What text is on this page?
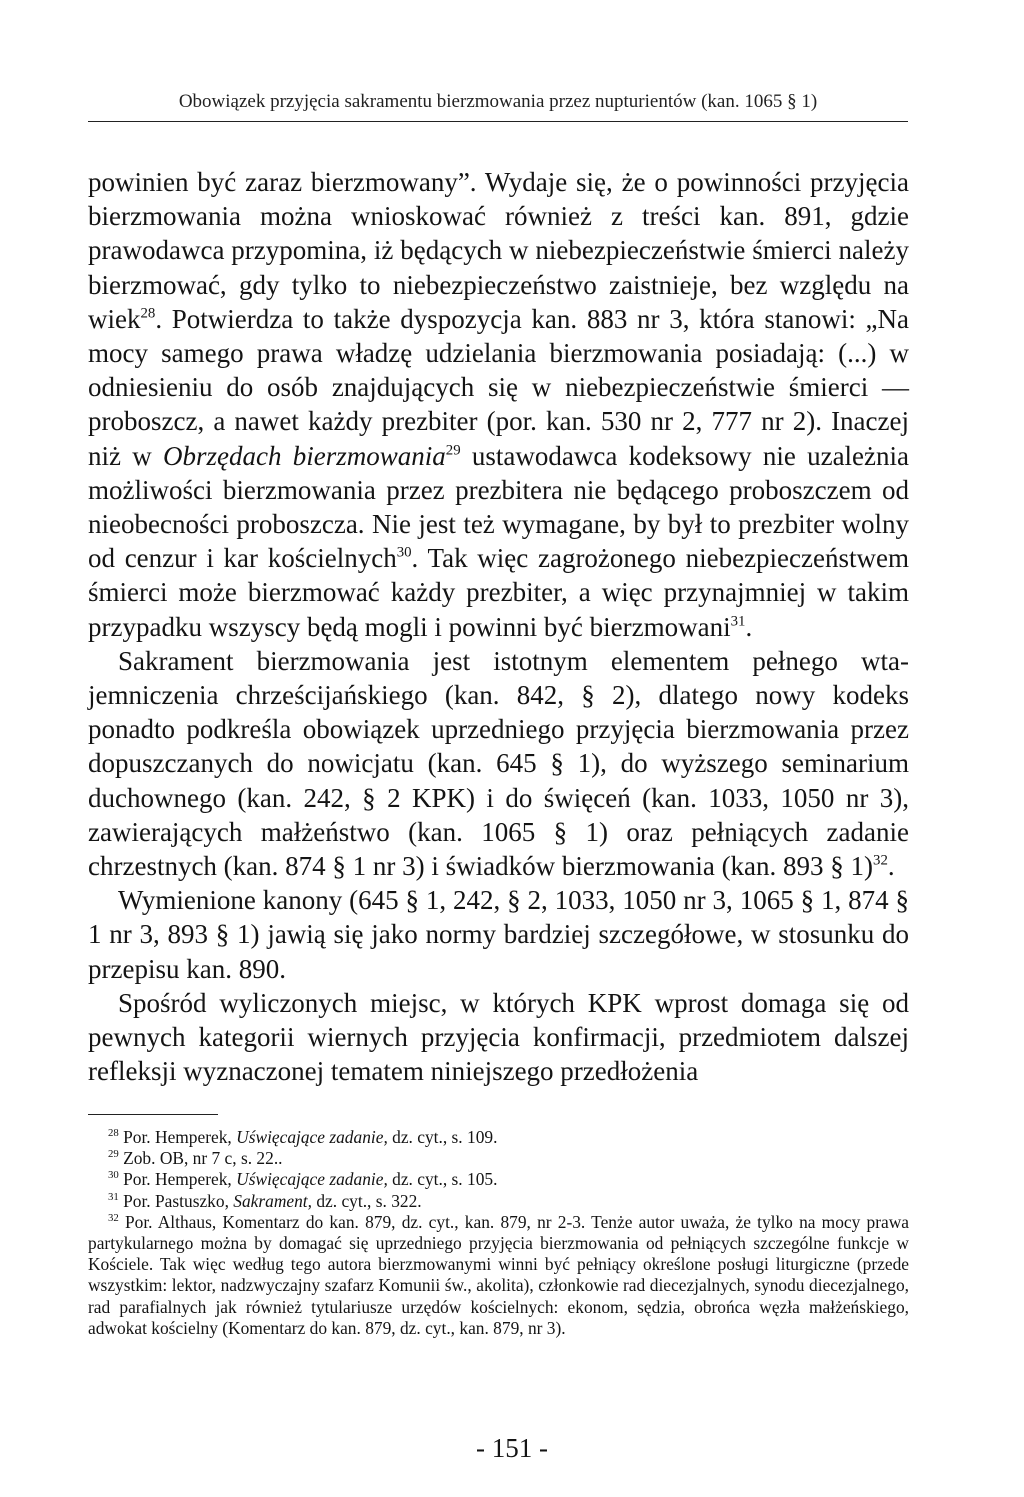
Obowiązek przyjęcia sakramentu bierzmowania przez nupturientów (kan. 1065 § 1)

powinien być zaraz bierzmowany”. Wydaje się, że o powinności przyjęcia bierzmowania można wnioskować również z treści kan. 891, gdzie prawodawca przypomina, iż będących w niebezpieczeństwie śmierci należy bierzmować, gdy tylko to niebezpieczeństwo zaistnieje, bez względu na wiek$^{28}$. Potwierdza to także dyspozycja kan. 883 nr 3, która stanowi: „Na mocy samego prawa władzę udzielania bierzmowania posiadają: (...) w odniesieniu do osób znajdujących się w niebezpieczeństwie śmierci — proboszcz, a nawet każdy prezbiter (por. kan. 530 nr 2, 777 nr 2). Inaczej niż w Obrzędach bierzmowania$^{29}$ ustawodawca kodeksowy nie uzależnia możliwości bierzmowania przez prezbitera nie będącego proboszczem od nieobecności proboszcza. Nie jest też wymagane, by był to prezbiter wolny od cenzur i kar kościelnych$^{30}$. Tak więc zagrożonego niebezpieczeństwem śmierci może bierzmować każdy prezbiter, a więc przynajmniej w takim przypadku wszyscy będą mogli i powinni być bierzmowani$^{31}$.

Sakrament bierzmowania jest istotnym elementem pełnego wtajemniczenia chrześcijańskiego (kan. 842, § 2), dlatego nowy kodeks ponadto podkreśla obowiązek uprzedniego przyjęcia bierzmowania przez dopuszczanych do nowicjatu (kan. 645 § 1), do wyższego seminarium duchownego (kan. 242, § 2 KPK) i do święceń (kan. 1033, 1050 nr 3), zawierających małżeństwo (kan. 1065 § 1) oraz pełniących zadanie chrzestnych (kan. 874 § 1 nr 3) i świadków bierzmowania (kan. 893 § 1)$^{32}$.

Wymienione kanony (645 § 1, 242, § 2, 1033, 1050 nr 3, 1065 § 1, 874 § 1 nr 3, 893 § 1) jawią się jako normy bardziej szczegółowe, w stosunku do przepisu kan. 890.

Spośród wyliczonych miejsc, w których KPK wprost domaga się od pewnych kategorii wiernych przyjęcia konfirmacji, przedmiotem dalszej refleksji wyznaczonej tematem niniejszego przedłożenia

$^{28}$ Por. Hemperek, Uświęcające zadanie, dz. cyt., s. 109.

$^{29}$ Zob. OB, nr 7 c, s. 22..

$^{30}$ Por. Hemperek, Uświęcające zadanie, dz. cyt., s. 105.

$^{31}$ Por. Pastuszko, Sakrament, dz. cyt., s. 322.

$^{32}$ Por. Althaus, Komentarz do kan. 879, dz. cyt., kan. 879, nr 2-3. Tenże autor uważa, że tylko na mocy prawa partykularnego można by domagać się uprzedniego przyjęcia bierzmowania od pełniących szczególne funkcje w Kościele. Tak więc według tego autora bierzmowanymi winni być pełniący określone posługi liturgiczne (przede wszystkim: lektor, nadzwyczajny szafarz Komunii św., akolita), członkowie rad diecezjalnych, synodu diecezjalnego, rad parafialnych jak również tytulariusze urzędów kościelnych: ekonom, sędzia, obrońca węzła małżeńskiego, adwokat kościelny (Komentarz do kan. 879, dz. cyt., kan. 879, nr 3).

- 151 -
